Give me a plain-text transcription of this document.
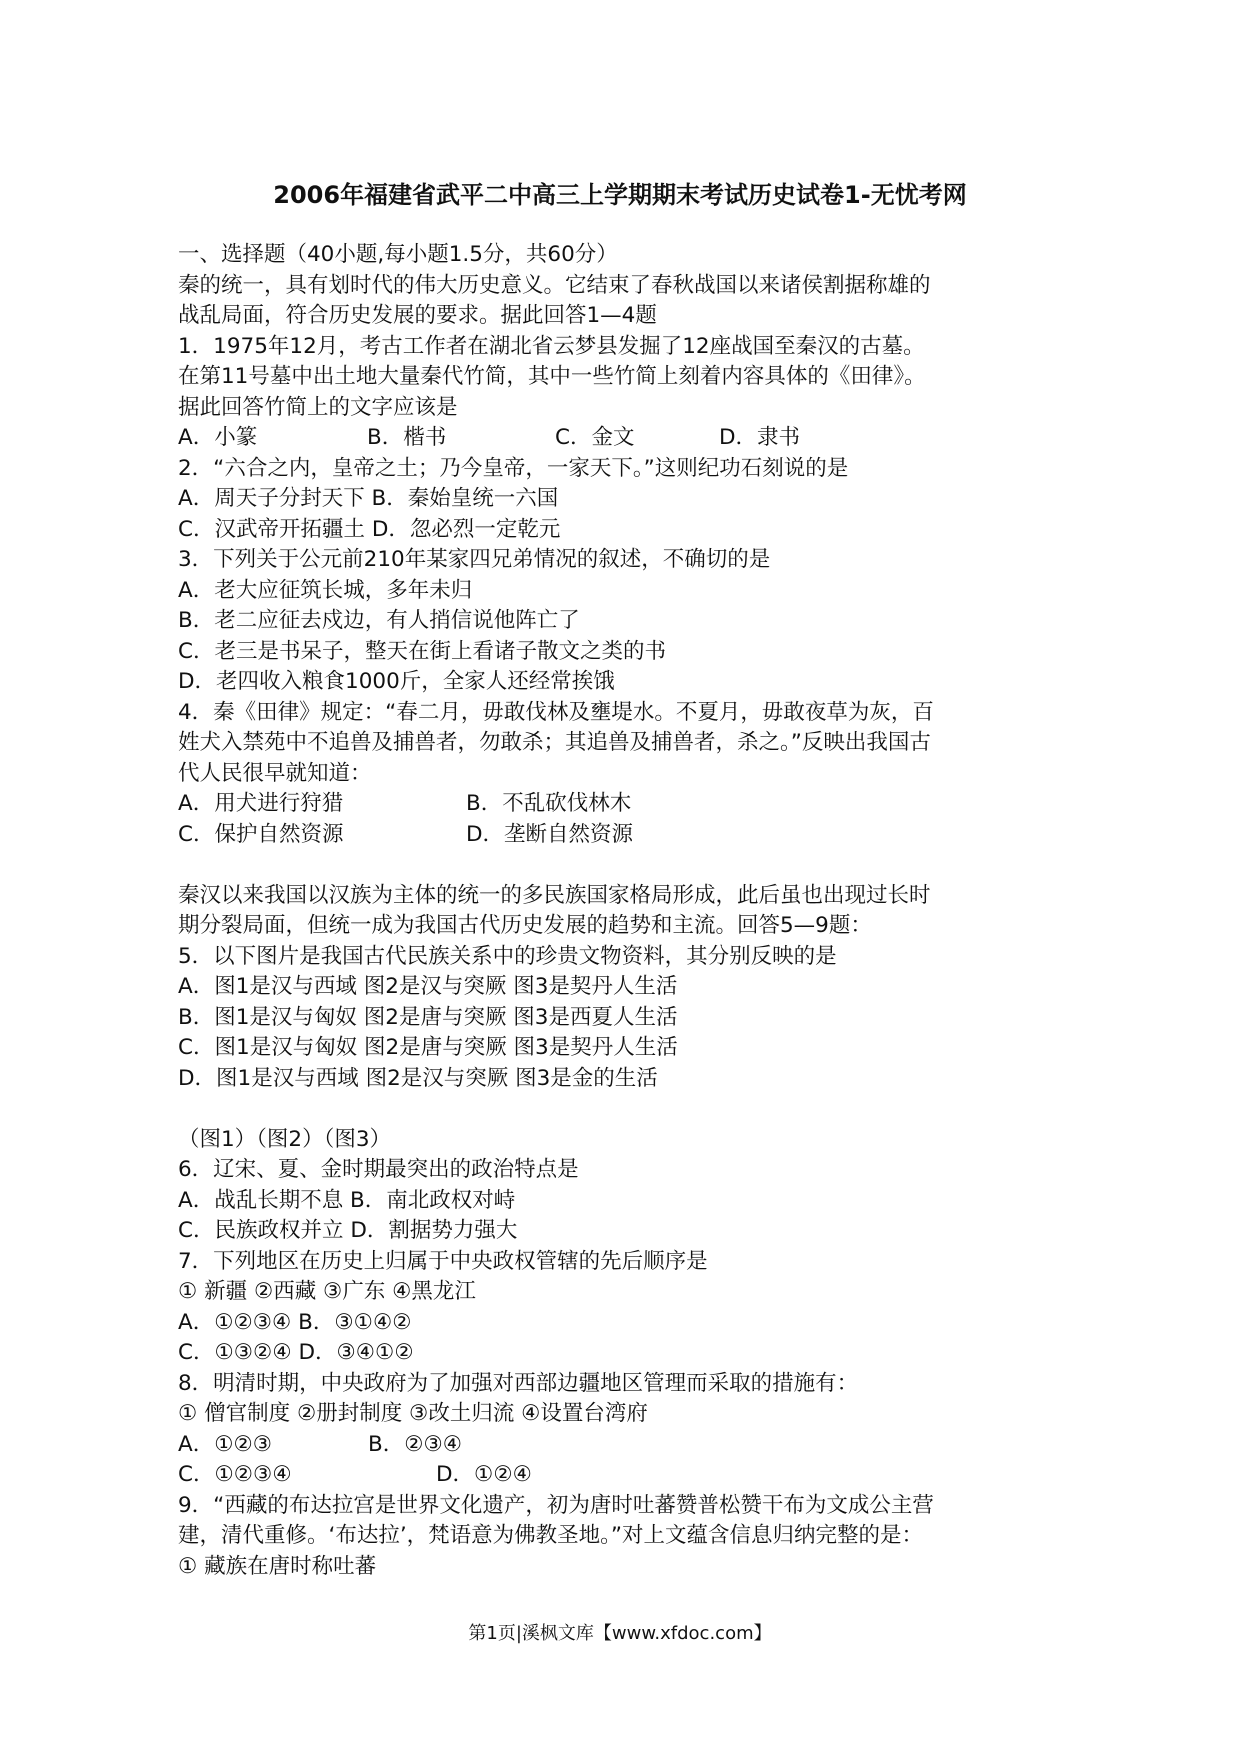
2006年福建省武平二中高三上学期期末考试历史试卷1-无忧考网
一、选择题（40小题,每小题1.5分，共60分）
秦的统一，具有划时代的伟大历史意义。它结束了春秋战国以来诸侯割据称雄的
战乱局面，符合历史发展的要求。据此回答1—4题
1．1975年12月，考古工作者在湖北省云梦县发掘了12座战国至秦汉的古墓。
在第11号墓中出土地大量秦代竹简，其中一些竹简上刻着内容具体的《田律》。
据此回答竹简上的文字应该是
A．小篆	B．楷书	C．金文	D．隶书
2．“六合之内，皇帝之土；乃今皇帝，一家天下。”这则纪功石刻说的是
A．周天子分封天下 B．秦始皇统一六国
C．汉武帝开拓疆土 D．忽必烈一定乾元
3．下列关于公元前210年某家四兄弟情况的叙述，不确切的是
A．老大应征筑长城，多年未归
B．老二应征去戍边，有人捎信说他阵亡了
C．老三是书呆子，整天在街上看诸子散文之类的书
D．老四收入粮食1000斤，全家人还经常挨饿
4．秦《田律》规定：“春二月，毋敢伐林及壅堤水。不夏月，毋敢夜草为灰，百
姓犬入禁苑中不追兽及捕兽者，勿敢杀；其追兽及捕兽者，杀之。”反映出我国古
代人民很早就知道：
A．用犬进行狩猎	B．不乱砍伐林木
C．保护自然资源	D．垄断自然资源
秦汉以来我国以汉族为主体的统一的多民族国家格局形成，此后虽也出现过长时
期分裂局面，但统一成为我国古代历史发展的趋势和主流。回答5—9题：
5．以下图片是我国古代民族关系中的珍贵文物资料，其分别反映的是
A．图1是汉与西域 图2是汉与突厥 图3是契丹人生活
B．图1是汉与匈奴 图2是唐与突厥 图3是西夏人生活
C．图1是汉与匈奴 图2是唐与突厥 图3是契丹人生活
D．图1是汉与西域 图2是汉与突厥 图3是金的生活
（图1）（图2）（图3）
6．辽宋、夏、金时期最突出的政治特点是
A．战乱长期不息 B．南北政权对峙
C．民族政权并立 D．割据势力强大
7．下列地区在历史上归属于中央政权管辖的先后顺序是
① 新疆 ②西藏 ③广东 ④黑龙江
A．①②③④ B．③①④②
C．①③②④ D．③④①②
8．明清时期，中央政府为了加强对西部边疆地区管理而采取的措施有：
① 僧官制度 ②册封制度 ③改土归流 ④设置台湾府
A．①②③	B．②③④
C．①②③④	D．①②④
9．“西藏的布达拉宫是世界文化遗产，初为唐时吐蕃赞普松赞干布为文成公主营
建，清代重修。‘布达拉’，梵语意为佛教圣地。”对上文蕴含信息归纳完整的是：
① 藏族在唐时称吐蕃
第1页|溪枫文库【www.xfdoc.com】
